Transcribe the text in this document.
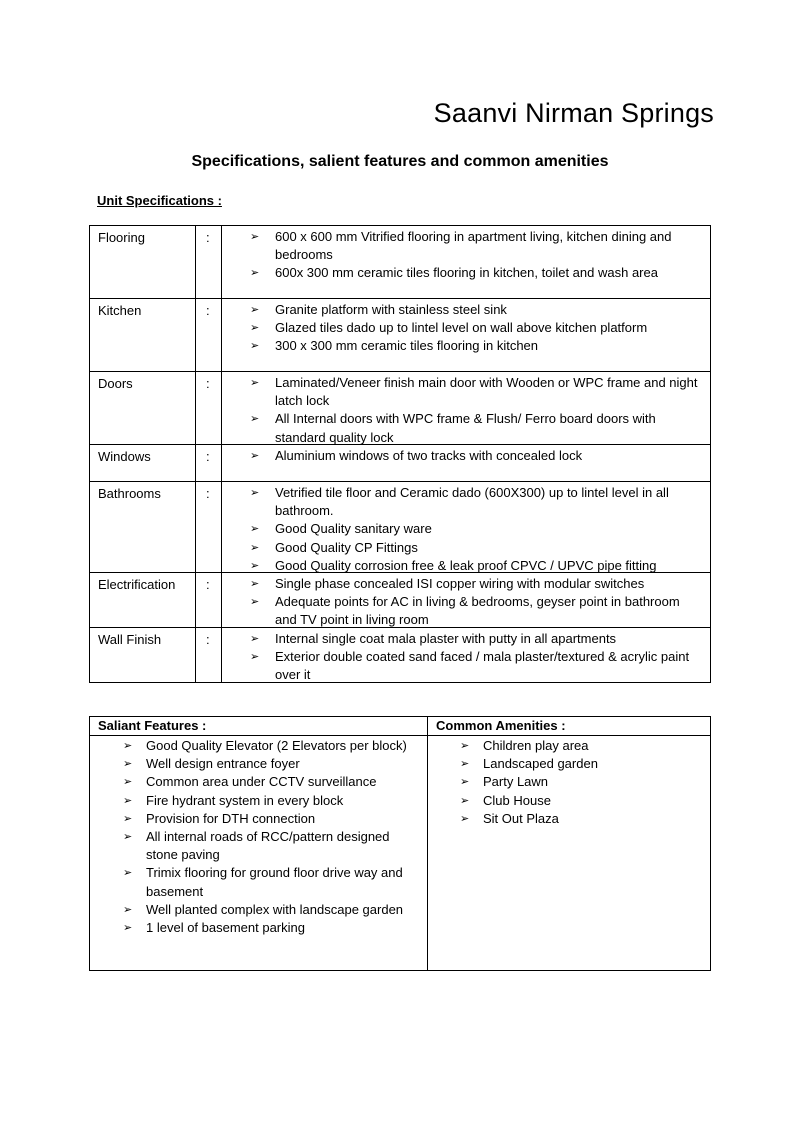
Saanvi Nirman Springs
Specifications, salient features and common amenities
Unit Specifications :
Flooring	:	➢ 600 x 600 mm Vitrified flooring in apartment living, kitchen dining and bedrooms
➢ 600x 300 mm ceramic tiles flooring in kitchen, toilet and wash area
Kitchen	:	➢ Granite platform with stainless steel sink
➢ Glazed tiles dado up to lintel level on wall above kitchen platform
➢ 300 x 300 mm ceramic tiles flooring in kitchen
Doors	:	➢ Laminated/Veneer finish main door with Wooden or WPC frame and night latch lock
➢ All Internal doors with WPC frame & Flush/ Ferro board doors with standard quality lock
Windows	:	➢ Aluminium windows of two tracks with concealed lock
Bathrooms	:	➢ Vetrified tile floor and Ceramic dado (600X300) up to lintel level in all bathroom.
➢ Good Quality sanitary ware
➢ Good Quality CP Fittings
➢ Good Quality corrosion free & leak proof CPVC / UPVC pipe fitting
Electrification	:	➢ Single phase concealed ISI copper wiring with modular switches
➢ Adequate points for AC in living & bedrooms, geyser point in bathroom and TV point in living room
Wall Finish	:	➢ Internal single coat mala plaster with putty in all apartments
➢ Exterior double coated sand faced / mala plaster/textured & acrylic paint over it
Saliant Features :
➢ Good Quality Elevator (2 Elevators per block)
➢ Well design entrance foyer
➢ Common area under CCTV surveillance
➢ Fire hydrant system in every block
➢ Provision for DTH connection
➢ All internal roads of RCC/pattern designed stone paving
➢ Trimix flooring for ground floor drive way and basement
➢ Well planted complex with landscape garden
➢ 1 level of basement parking
Common Amenities :
➢ Children play area
➢ Landscaped garden
➢ Party Lawn
➢ Club House
➢ Sit Out Plaza
